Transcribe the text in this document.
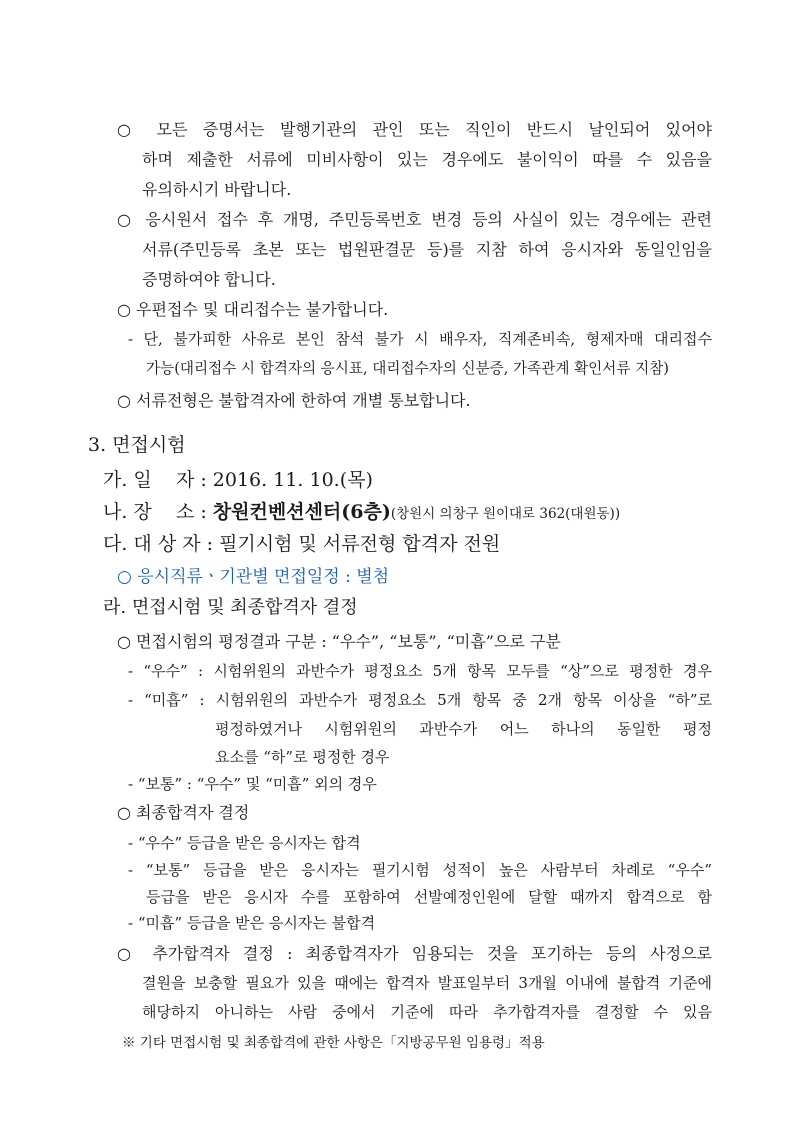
○ 모든 증명서는 발행기관의 관인 또는 직인이 반드시 날인되어 있어야
하며 제출한 서류에 미비사항이 있는 경우에도 불이익이 따를 수 있음을
유의하시기 바랍니다.
○ 응시원서 접수 후 개명, 주민등록번호 변경 등의 사실이 있는 경우에는 관련
서류(주민등록 초본 또는 법원판결문 등)를 지참 하여 응시자와 동일인임을
증명하여야 합니다.
○ 우편접수 및 대리접수는 불가합니다.
- 단, 불가피한 사유로 본인 참석 불가 시 배우자, 직계존비속, 형제자매 대리접수
가능(대리접수 시 합격자의 응시표, 대리접수자의 신분증, 가족관계 확인서류 지참)
○ 서류전형은 불합격자에 한하여 개별 통보합니다.
3. 면접시험
가. 일    자 : 2016. 11. 10.(목)
나. 장    소 : 창원컨벤션센터(6층)(창원시 의창구 원이대로 362(대원동))
다. 대 상 자 : 필기시험 및 서류전형 합격자 전원
○ 응시직류ㆍ기관별 면접일정 : 별첨
라. 면접시험 및 최종합격자 결정
○ 면접시험의 평정결과 구분 : “우수”, “보통”, “미흡”으로 구분
- “우수” : 시험위원의 과반수가 평정요소 5개 항목 모두를 “상”으로 평정한 경우
- “미흡” : 시험위원의 과반수가 평정요소 5개 항목 중 2개 항목 이상을 “하”로
평정하였거나 시험위원의 과반수가 어느 하나의 동일한 평정
요소를 “하”로 평정한 경우
- “보통” : “우수” 및 “미흡” 외의 경우
○ 최종합격자 결정
- “우수” 등급을 받은 응시자는 합격
- “보통” 등급을 받은 응시자는 필기시험 성적이 높은 사람부터 차례로 “우수”
등급을 받은 응시자 수를 포함하여 선발예정인원에 달할 때까지 합격으로 함
- “미흡” 등급을 받은 응시자는 불합격
○ 추가합격자 결정 : 최종합격자가 임용되는 것을 포기하는 등의 사정으로
결원을 보충할 필요가 있을 때에는 합격자 발표일부터 3개월 이내에 불합격 기준에
해당하지 아니하는 사람 중에서 기준에 따라 추가합격자를 결정할 수 있음
※ 기타 면접시험 및 최종합격에 관한 사항은「지방공무원 임용령」적용
